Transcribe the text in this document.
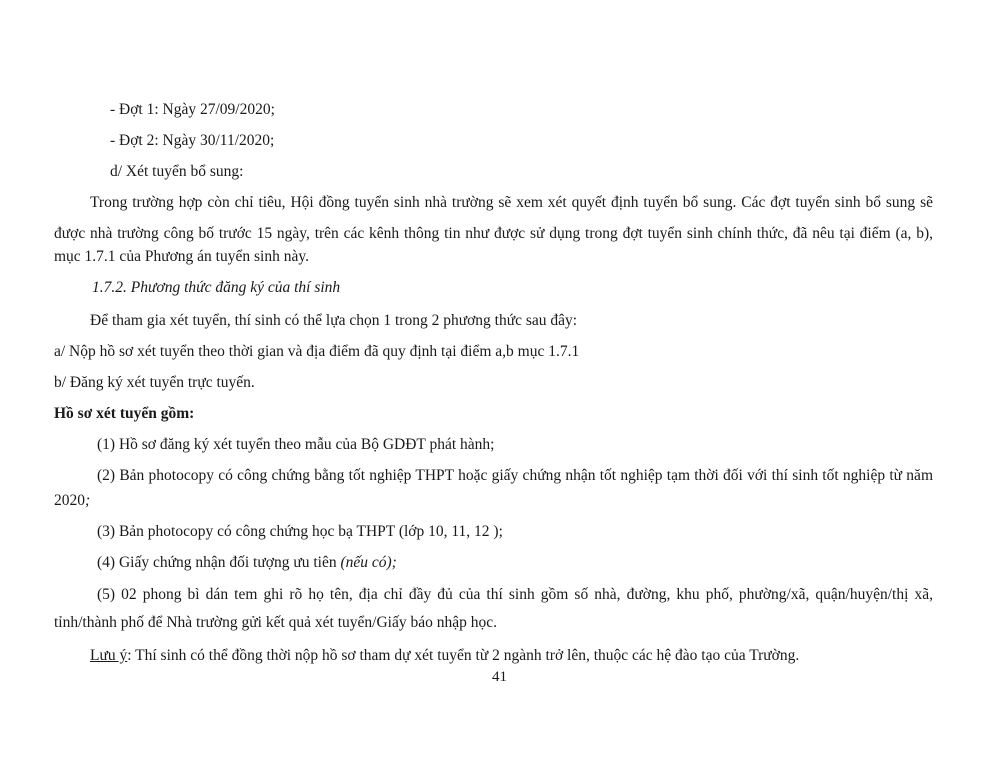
- Đợt 1: Ngày 27/09/2020;
- Đợt 2: Ngày 30/11/2020;
d/ Xét tuyển bổ sung:
Trong trường hợp còn chỉ tiêu, Hội đồng tuyển sinh nhà trường sẽ xem xét quyết định tuyển bổ sung. Các đợt tuyển sinh bổ sung sẽ
được nhà trường công bố trước 15 ngày, trên các kênh thông tin như được sử dụng trong đợt tuyển sinh chính thức, đã nêu tại điểm (a, b),
mục 1.7.1 của Phương án tuyển sinh này.
1.7.2. Phương thức đăng ký của thí sinh
Để tham gia xét tuyển, thí sinh có thể lựa chọn 1 trong 2 phương thức sau đây:
a/ Nộp hồ sơ xét tuyển theo thời gian và địa điểm đã quy định tại điểm a,b mục 1.7.1
b/ Đăng ký xét tuyển trực tuyến.
Hồ sơ xét tuyển gồm:
(1) Hồ sơ đăng ký xét tuyển theo mẫu của Bộ GDĐT phát hành;
(2) Bản photocopy có công chứng bằng tốt nghiệp THPT hoặc giấy chứng nhận tốt nghiệp tạm thời đối với thí sinh tốt nghiệp từ năm
2020;
(3) Bản photocopy có công chứng học bạ THPT (lớp 10, 11, 12 );
(4) Giấy chứng nhận đối tượng ưu tiên (nếu có);
(5) 02 phong bì dán tem ghi rõ họ tên, địa chỉ đầy đủ của thí sinh gồm số nhà, đường, khu phố, phường/xã, quận/huyện/thị xã,
tỉnh/thành phố để Nhà trường gửi kết quả xét tuyển/Giấy báo nhập học.
Lưu ý: Thí sinh có thể đồng thời nộp hồ sơ tham dự xét tuyển từ 2 ngành trở lên, thuộc các hệ đào tạo của Trường.
41
